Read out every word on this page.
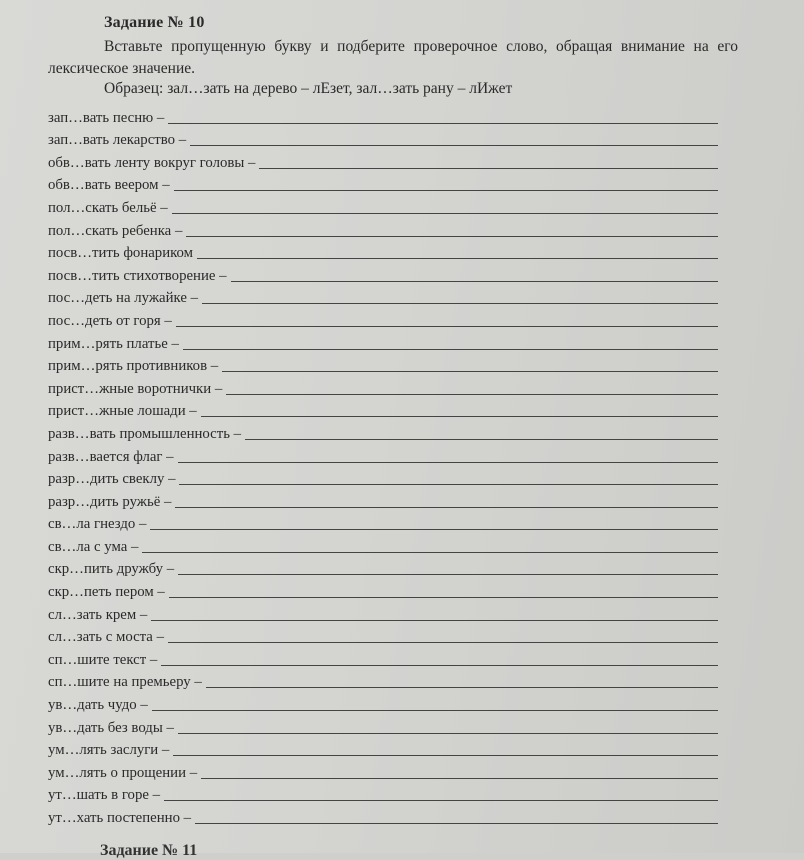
Задание № 10
Вставьте пропущенную букву и подберите проверочное слово, обращая внимание на его лексическое значение.
Образец: зал…зать на дерево – лЕзет, зал…зать рану – лИжет
зап…вать песню –
зап…вать лекарство –
обв…вать ленту вокруг головы –
обв…вать веером –
пол…скать бельё –
пол…скать ребенка –
посв…тить фонариком
посв…тить стихотворение –
пос…деть на лужайке –
пос…деть от горя –
прим…рять платье –
прим…рять противников –
прист…жные воротнички –
прист…жные лошади –
разв…вать промышленность –
разв…вается флаг –
разр…дить свеклу –
разр…дить ружьё –
св…ла гнездо –
св…ла с ума –
скр…пить дружбу –
скр…петь пером –
сл…зать крем –
сл…зать с моста –
сп…шите текст –
сп…шите на премьеру –
ув…дать чудо –
ув…дать без воды –
ум…лять заслуги –
ум…лять о прощении –
ут…шать в горе –
ут…хать постепенно –
Задание № 11
